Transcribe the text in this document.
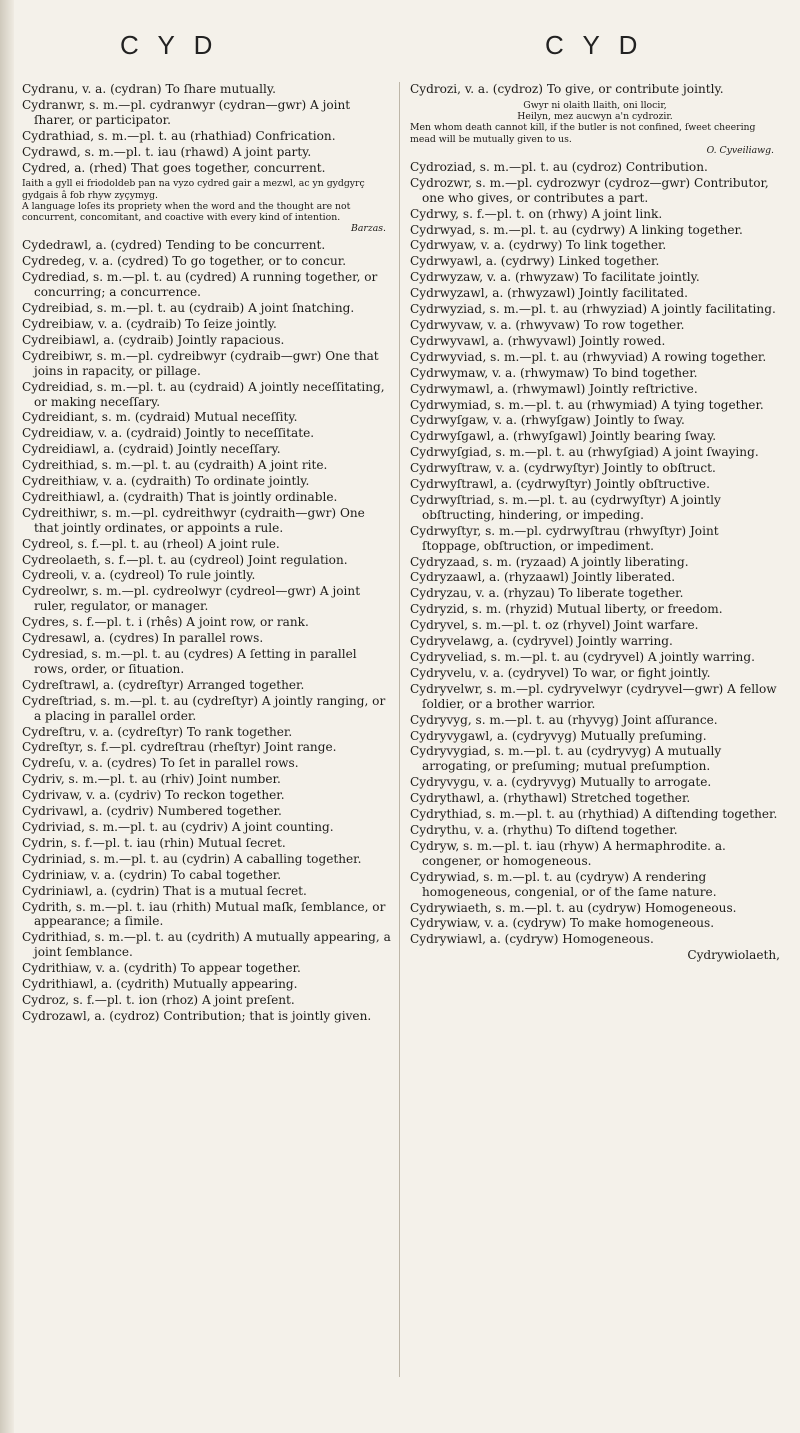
C Y D	C Y D

Cydranu, v. a. (cydran) To ſhare mutually.

Cydranwr, s. m.—pl. cydranwyr (cydran—gwr) A joint ſharer, or participator.

Cydrathiad, s. m.—pl. t. au (rhathiad) Confrication.

Cydrawd, s. m.—pl. t. iau (rhawd) A joint party.

Cydred, a. (rhed) That goes together, concurrent.

Iaith a gyll ei friodoldeb pan na vyzo cydred gair a mezwl, ac yn gydgyrç gydgais â fob rhyw zyçymyg.
A language loſes its propriety when the word and the thought are not concurrent, concomitant, and coactive with every kind of intention.
Barzas.

Cydedrawl, a. (cydred) Tending to be concurrent.

Cydredeg, v. a. (cydred) To go together, or to concur.

Cydrediad, s. m.—pl. t. au (cydred) A running together, or concurring; a concurrence.

Cydreibiad, s. m.—pl. t. au (cydraib) A joint ſnatching.

Cydreibiaw, v. a. (cydraib) To ſeize jointly.

Cydreibiawl, a. (cydraib) Jointly rapacious.

Cydreibiwr, s. m.—pl. cydreibwyr (cydraib—gwr) One that joins in rapacity, or pillage.

Cydreidiad, s. m.—pl. t. au (cydraid) A jointly neceſſitating, or making neceſſary.

Cydreidiant, s. m. (cydraid) Mutual neceſſity.

Cydreidiaw, v. a. (cydraid) Jointly to neceſſitate.

Cydreidiawl, a. (cydraid) Jointly neceſſary.

Cydreithiad, s. m.—pl. t. au (cydraith) A joint rite.

Cydreithiaw, v. a. (cydraith) To ordinate jointly.

Cydreithiawl, a. (cydraith) That is jointly ordinable.

Cydreithiwr, s. m.—pl. cydreithwyr (cydraith—gwr) One that jointly ordinates, or appoints a rule.

Cydreol, s. f.—pl. t. au (rheol) A joint rule.

Cydreolaeth, s. f.—pl. t. au (cydreol) Joint regulation.

Cydreoli, v. a. (cydreol) To rule jointly.

Cydreolwr, s. m.—pl. cydreolwyr (cydreol—gwr) A joint ruler, regulator, or manager.

Cydres, s. f.—pl. t. i (rhês) A joint row, or rank.

Cydresawl, a. (cydres) In parallel rows.

Cydresiad, s. m.—pl. t. au (cydres) A ſetting in parallel rows, order, or ſituation.

Cydreſtrawl, a. (cydreſtyr) Arranged together.

Cydreſtriad, s. m.—pl. t. au (cydreſtyr) A jointly ranging, or a placing in parallel order.

Cydreſtru, v. a. (cydreſtyr) To rank together.

Cydreſtyr, s. f.—pl. cydreſtrau (rheſtyr) Joint range.

Cydreſu, v. a. (cydres) To ſet in parallel rows.

Cydriv, s. m.—pl. t. au (rhiv) Joint number.

Cydrivaw, v. a. (cydriv) To reckon together.

Cydrivawl, a. (cydriv) Numbered together.

Cydriviad, s. m.—pl. t. au (cydriv) A joint counting.

Cydrin, s. f.—pl. t. iau (rhin) Mutual ſecret.

Cydriniad, s. m.—pl. t. au (cydrin) A caballing together.

Cydriniaw, v. a. (cydrin) To cabal together.

Cydriniawl, a. (cydrin) That is a mutual ſecret.

Cydrith, s. m.—pl. t. iau (rhith) Mutual maſk, ſemblance, or appearance; a ſimile.

Cydrithiad, s. m.—pl. t. au (cydrith) A mutually appearing, a joint ſemblance.

Cydrithiaw, v. a. (cydrith) To appear together.

Cydrithiawl, a. (cydrith) Mutually appearing.

Cydroz, s. f.—pl. t. ion (rhoz) A joint preſent.

Cydrozawl, a. (cydroz) Contribution; that is jointly given.

Cydrozi, v. a. (cydroz) To give, or contribute jointly.

Gwyr ni olaith llaith, oni llocir,
Heilyn, mez aucwyn a'n cydrozir.
Men whom death cannot kill, if the butler is not confined, ſweet cheering mead will be mutually given to us.
O. Cyveiliawg.

Cydroziad, s. m.—pl. t. au (cydroz) Contribution.

Cydrozwr, s. m.—pl. cydrozwyr (cydroz—gwr) Contributor, one who gives, or contributes a part.

Cydrwy, s. f.—pl. t. on (rhwy) A joint link.

Cydrwyad, s. m.—pl. t. au (cydrwy) A linking together.

Cydrwyaw, v. a. (cydrwy) To link together.

Cydrwyawl, a. (cydrwy) Linked together.

Cydrwyzaw, v. a. (rhwyzaw) To facilitate jointly.

Cydrwyzawl, a. (rhwyzawl) Jointly facilitated.

Cydrwyziad, s. m.—pl. t. au (rhwyziad) A jointly facilitating.

Cydrwyvaw, v. a. (rhwyvaw) To row together.

Cydrwyvawl, a. (rhwyvawl) Jointly rowed.

Cydrwyviad, s. m.—pl. t. au (rhwyviad) A rowing together.

Cydrwymaw, v. a. (rhwymaw) To bind together.

Cydrwymawl, a. (rhwymawl) Jointly reſtrictive.

Cydrwymiad, s. m.—pl. t. au (rhwymiad) A tying together.

Cydrwyſgaw, v. a. (rhwyſgaw) Jointly to ſway.

Cydrwyſgawl, a. (rhwyſgawl) Jointly bearing ſway.

Cydrwyſgiad, s. m.—pl. t. au (rhwyſgiad) A joint ſwaying.

Cydrwyſtraw, v. a. (cydrwyſtyr) Jointly to obſtruct.

Cydrwyſtrawl, a. (cydrwyſtyr) Jointly obſtructive.

Cydrwyſtriad, s. m.—pl. t. au (cydrwyſtyr) A jointly obſtructing, hindering, or impeding.

Cydrwyſtyr, s. m.—pl. cydrwyſtrau (rhwyſtyr) Joint ſtoppage, obſtruction, or impediment.

Cydryzaad, s. m. (ryzaad) A jointly liberating.

Cydryzaawl, a. (rhyzaawl) Jointly liberated.

Cydryzau, v. a. (rhyzau) To liberate together.

Cydryzid, s. m. (rhyzid) Mutual liberty, or freedom.

Cydryvel, s. m.—pl. t. oz (rhyvel) Joint warfare.

Cydryvelawg, a. (cydryvel) Jointly warring.

Cydryveliad, s. m.—pl. t. au (cydryvel) A jointly warring.

Cydryvelu, v. a. (cydryvel) To war, or fight jointly.

Cydryvelwr, s. m.—pl. cydryvelwyr (cydryvel—gwr) A fellow ſoldier, or a brother warrior.

Cydryvyg, s. m.—pl. t. au (rhyvyg) Joint aſſurance.

Cydryvygawl, a. (cydryvyg) Mutually preſuming.

Cydryvygiad, s. m.—pl. t. au (cydryvyg) A mutually arrogating, or preſuming; mutual preſumption.

Cydryvygu, v. a. (cydryvyg) Mutually to arrogate.

Cydrythawl, a. (rhythawl) Stretched together.

Cydrythiad, s. m.—pl. t. au (rhythiad) A diſtending together.

Cydrythu, v. a. (rhythu) To diſtend together.

Cydryw, s. m.—pl. t. iau (rhyw) A hermaphrodite. a. congener, or homogeneous.

Cydrywiad, s. m.—pl. t. au (cydryw) A rendering homogeneous, congenial, or of the ſame nature.

Cydrywiaeth, s. m.—pl. t. au (cydryw) Homogeneous.

Cydrywiaw, v. a. (cydryw) To make homogeneous.

Cydrywiawl, a. (cydryw) Homogeneous.

Cydrywiolaeth,
